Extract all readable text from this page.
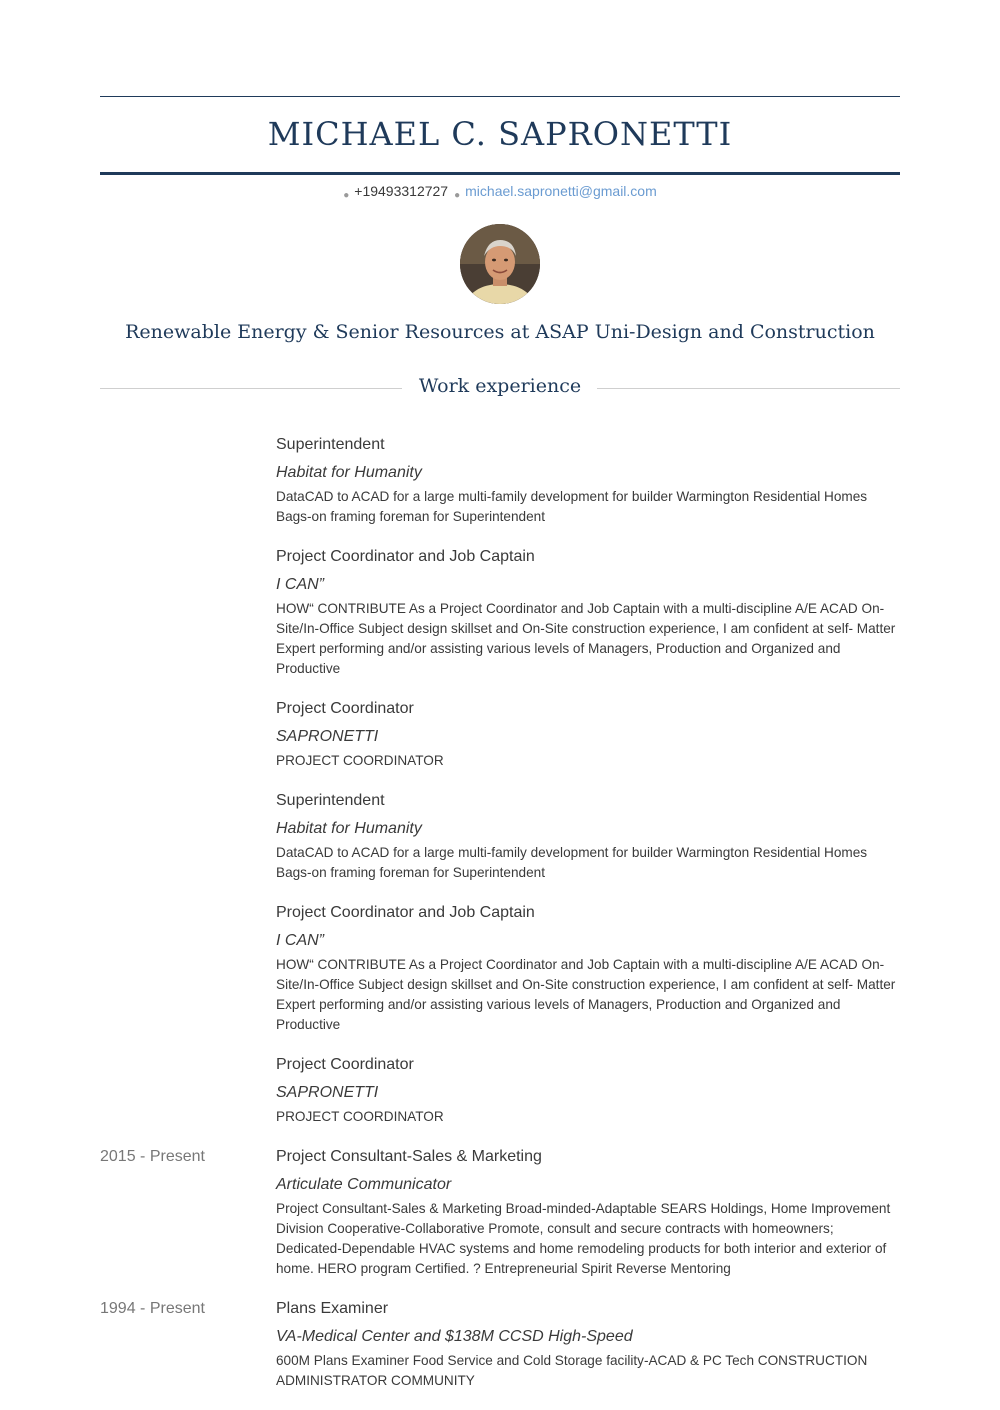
MICHAEL C. SAPRONETTI
● +19493312727 ● michael.sapronetti@gmail.com
Renewable Energy & Senior Resources at ASAP Uni-Design and Construction
Work experience
Superintendent
Habitat for Humanity
DataCAD to ACAD for a large multi-family development for builder Warmington Residential Homes Bags-on framing foreman for Superintendent
Project Coordinator and Job Captain
I CAN”
HOW“ CONTRIBUTE As a Project Coordinator and Job Captain with a multi-discipline A/E ACAD On-Site/In-Office Subject design skillset and On-Site construction experience, I am confident at self- Matter Expert performing and/or assisting various levels of Managers, Production and Organized and Productive
Project Coordinator
SAPRONETTI
PROJECT COORDINATOR
Superintendent
Habitat for Humanity
DataCAD to ACAD for a large multi-family development for builder Warmington Residential Homes Bags-on framing foreman for Superintendent
Project Coordinator and Job Captain
I CAN”
HOW“ CONTRIBUTE As a Project Coordinator and Job Captain with a multi-discipline A/E ACAD On-Site/In-Office Subject design skillset and On-Site construction experience, I am confident at self- Matter Expert performing and/or assisting various levels of Managers, Production and Organized and Productive
Project Coordinator
SAPRONETTI
PROJECT COORDINATOR
2015 - Present	Project Consultant-Sales & Marketing
Articulate Communicator
Project Consultant-Sales & Marketing Broad-minded-Adaptable SEARS Holdings, Home Improvement Division Cooperative-Collaborative Promote, consult and secure contracts with homeowners; Dedicated-Dependable HVAC systems and home remodeling products for both interior and exterior of home. HERO program Certified. ? Entrepreneurial Spirit Reverse Mentoring
1994 - Present	Plans Examiner
VA-Medical Center and $138M CCSD High-Speed
600M Plans Examiner Food Service and Cold Storage facility-ACAD & PC Tech CONSTRUCTION ADMINISTRATOR COMMUNITY
